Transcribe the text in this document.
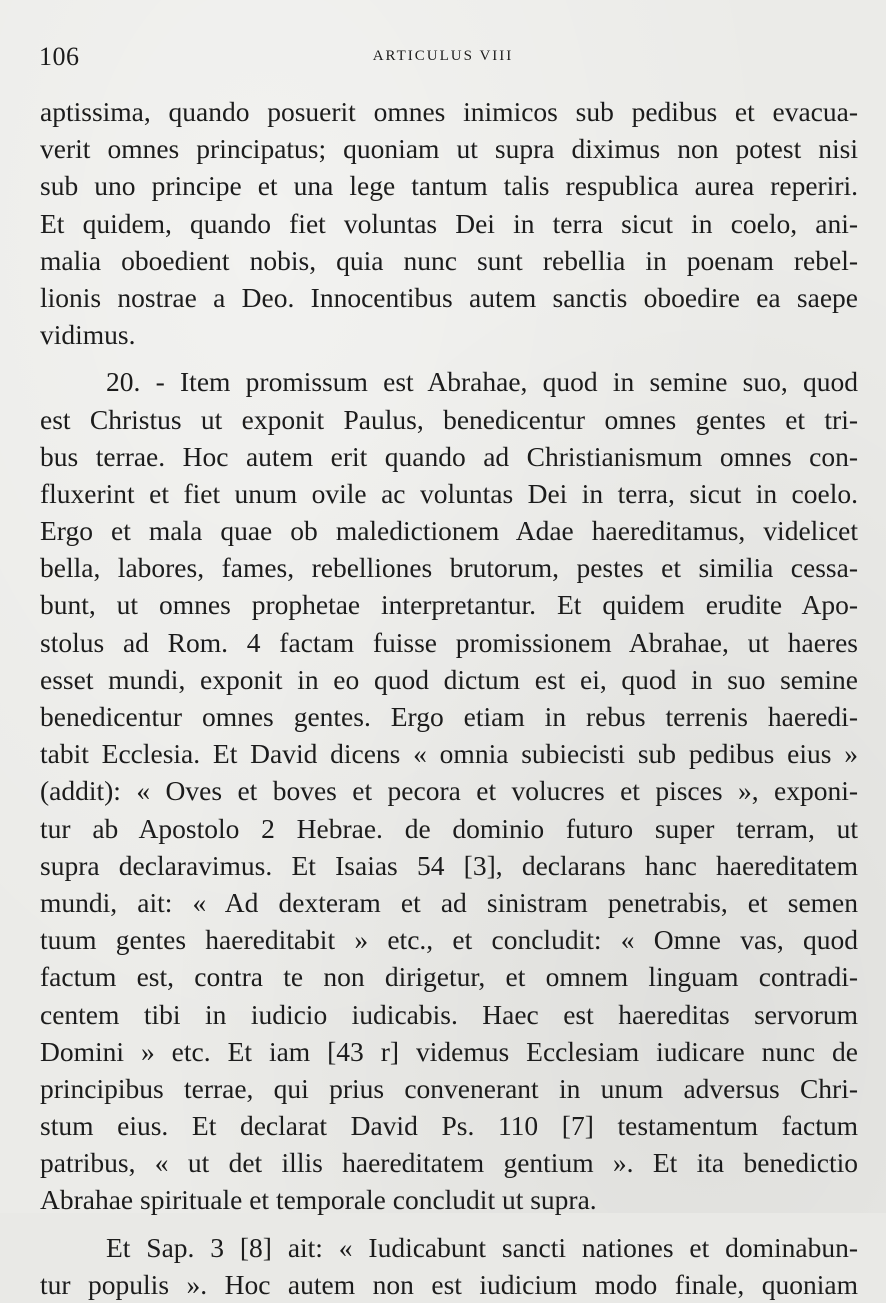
106	ARTICULUS VIII
aptissima, quando posuerit omnes inimicos sub pedibus et evacua-
verit omnes principatus; quoniam ut supra diximus non potest nisi
sub uno principe et una lege tantum talis respublica aurea reperiri.
Et quidem, quando fiet voluntas Dei in terra sicut in coelo, ani-
malia oboedient nobis, quia nunc sunt rebellia in poenam rebel-
lionis nostrae a Deo. Innocentibus autem sanctis oboedire ea saepe
vidimus.
20. - Item promissum est Abrahae, quod in semine suo, quod
est Christus ut exponit Paulus, benedicentur omnes gentes et tri-
bus terrae. Hoc autem erit quando ad Christianismum omnes con-
fluxerint et fiet unum ovile ac voluntas Dei in terra, sicut in coelo.
Ergo et mala quae ob maledictionem Adae haereditamus, videlicet
bella, labores, fames, rebelliones brutorum, pestes et similia cessa-
bunt, ut omnes prophetae interpretantur. Et quidem erudite Apo-
stolus ad Rom. 4 factam fuisse promissionem Abrahae, ut haeres
esset mundi, exponit in eo quod dictum est ei, quod in suo semine
benedicentur omnes gentes. Ergo etiam in rebus terrenis haeredi-
tabit Ecclesia. Et David dicens « omnia subiecisti sub pedibus eius »
(addit): « Oves et boves et pecora et volucres et pisces », exponi-
tur ab Apostolo 2 Hebrae. de dominio futuro super terram, ut
supra declaravimus. Et Isaias 54 [3], declarans hanc haereditatem
mundi, ait: « Ad dexteram et ad sinistram penetrabis, et semen
tuum gentes haereditabit » etc., et concludit: « Omne vas, quod
factum est, contra te non dirigetur, et omnem linguam contradi-
centem tibi in iudicio iudicabis. Haec est haereditas servorum
Domini » etc. Et iam [43 r] videmus Ecclesiam iudicare nunc de
principibus terrae, qui prius convenerant in unum adversus Chri-
stum eius. Et declarat David Ps. 110 [7] testamentum factum
patribus, « ut det illis haereditatem gentium ». Et ita benedictio
Abrahae spirituale et temporale concludit ut supra.
Et Sap. 3 [8] ait: « Iudicabunt sancti nationes et dominabun-
tur populis ». Hoc autem non est iudicium modo finale, quoniam
